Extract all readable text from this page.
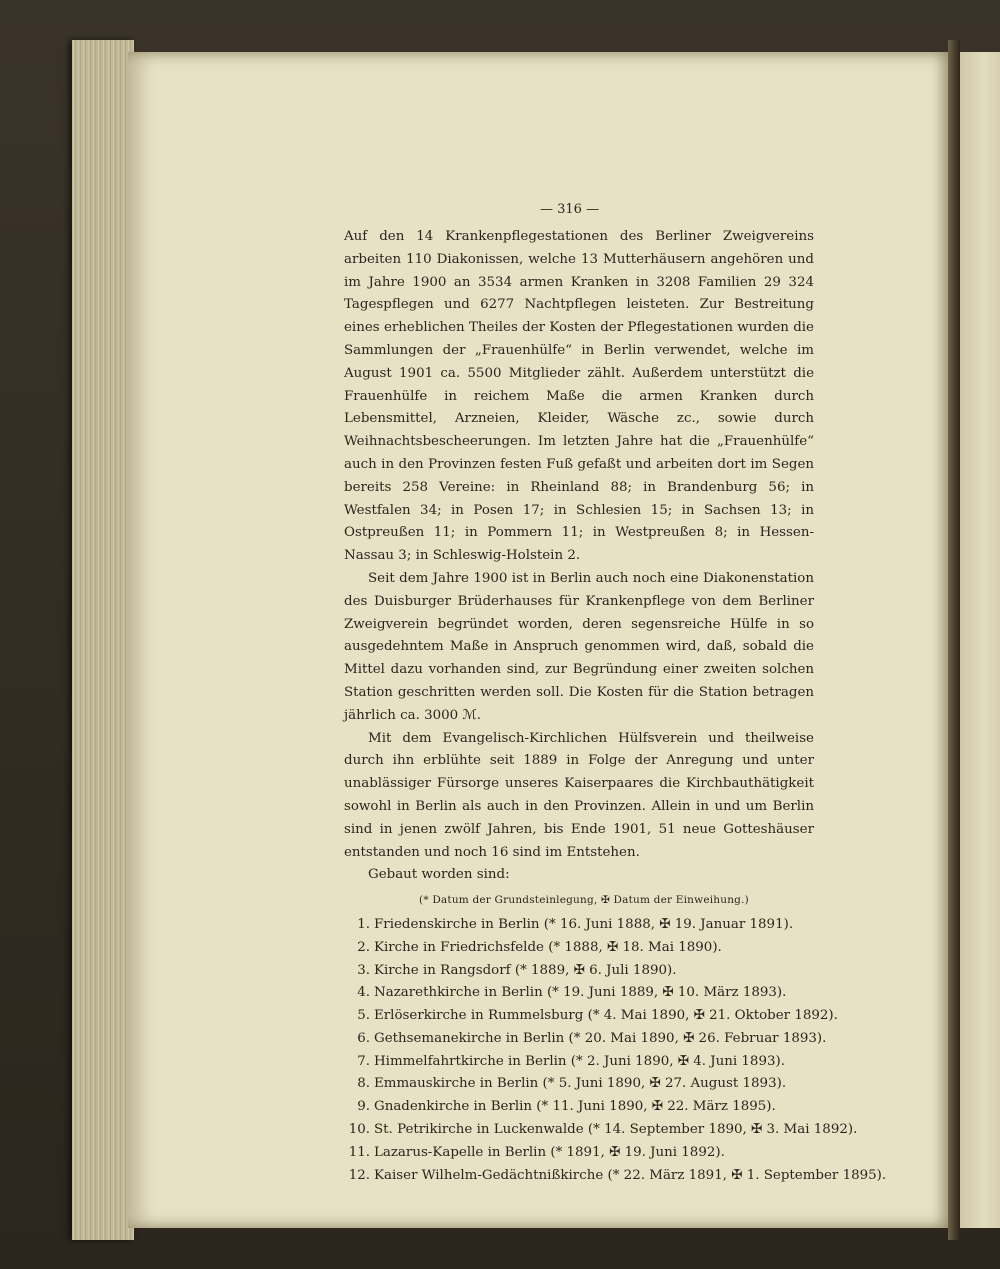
— 316 —

Auf den 14 Krankenpflegestationen des Berliner Zweigvereins arbeiten 110 Diakonissen, welche 13 Mutterhäusern angehören und im Jahre 1900 an 3534 armen Kranken in 3208 Familien 29 324 Tagespflegen und 6277 Nachtpflegen leisteten. Zur Bestreitung eines erheblichen Theiles der Kosten der Pflegestationen wurden die Sammlungen der „Frauenhülfe“ in Berlin verwendet, welche im August 1901 ca. 5500 Mitglieder zählt. Außerdem unterstützt die Frauenhülfe in reichem Maße die armen Kranken durch Lebensmittel, Arzneien, Kleider, Wäsche zc., sowie durch Weihnachtsbescheerungen. Im letzten Jahre hat die „Frauenhülfe“ auch in den Provinzen festen Fuß gefaßt und arbeiten dort im Segen bereits 258 Vereine: in Rheinland 88; in Brandenburg 56; in Westfalen 34; in Posen 17; in Schlesien 15; in Sachsen 13; in Ostpreußen 11; in Pommern 11; in Westpreußen 8; in Hessen-Nassau 3; in Schleswig-Holstein 2.

Seit dem Jahre 1900 ist in Berlin auch noch eine Diakonenstation des Duisburger Brüderhauses für Krankenpflege von dem Berliner Zweigverein begründet worden, deren segensreiche Hülfe in so ausgedehntem Maße in Anspruch genommen wird, daß, sobald die Mittel dazu vorhanden sind, zur Begründung einer zweiten solchen Station geschritten werden soll. Die Kosten für die Station betragen jährlich ca. 3000 ℳ.

Mit dem Evangelisch-Kirchlichen Hülfsverein und theilweise durch ihn erblühte seit 1889 in Folge der Anregung und unter unablässiger Fürsorge unseres Kaiserpaares die Kirchbauthätigkeit sowohl in Berlin als auch in den Provinzen. Allein in und um Berlin sind in jenen zwölf Jahren, bis Ende 1901, 51 neue Gotteshäuser entstanden und noch 16 sind im Entstehen.

Gebaut worden sind:

(* Datum der Grundsteinlegung, ✠ Datum der Einweihung.)
1. Friedenskirche in Berlin (* 16. Juni 1888, ✠ 19. Januar 1891).
2. Kirche in Friedrichsfelde (* 1888, ✠ 18. Mai 1890).
3. Kirche in Rangsdorf (* 1889, ✠ 6. Juli 1890).
4. Nazarethkirche in Berlin (* 19. Juni 1889, ✠ 10. März 1893).
5. Erlöserkirche in Rummelsburg (* 4. Mai 1890, ✠ 21. Oktober 1892).
6. Gethsemanekirche in Berlin (* 20. Mai 1890, ✠ 26. Februar 1893).
7. Himmelfahrtkirche in Berlin (* 2. Juni 1890, ✠ 4. Juni 1893).
8. Emmauskirche in Berlin (* 5. Juni 1890, ✠ 27. August 1893).
9. Gnadenkirche in Berlin (* 11. Juni 1890, ✠ 22. März 1895).
10. St. Petrikirche in Luckenwalde (* 14. September 1890, ✠ 3. Mai 1892).
11. Lazarus-Kapelle in Berlin (* 1891, ✠ 19. Juni 1892).
12. Kaiser Wilhelm-Gedächtnißkirche (* 22. März 1891, ✠ 1. September 1895).
